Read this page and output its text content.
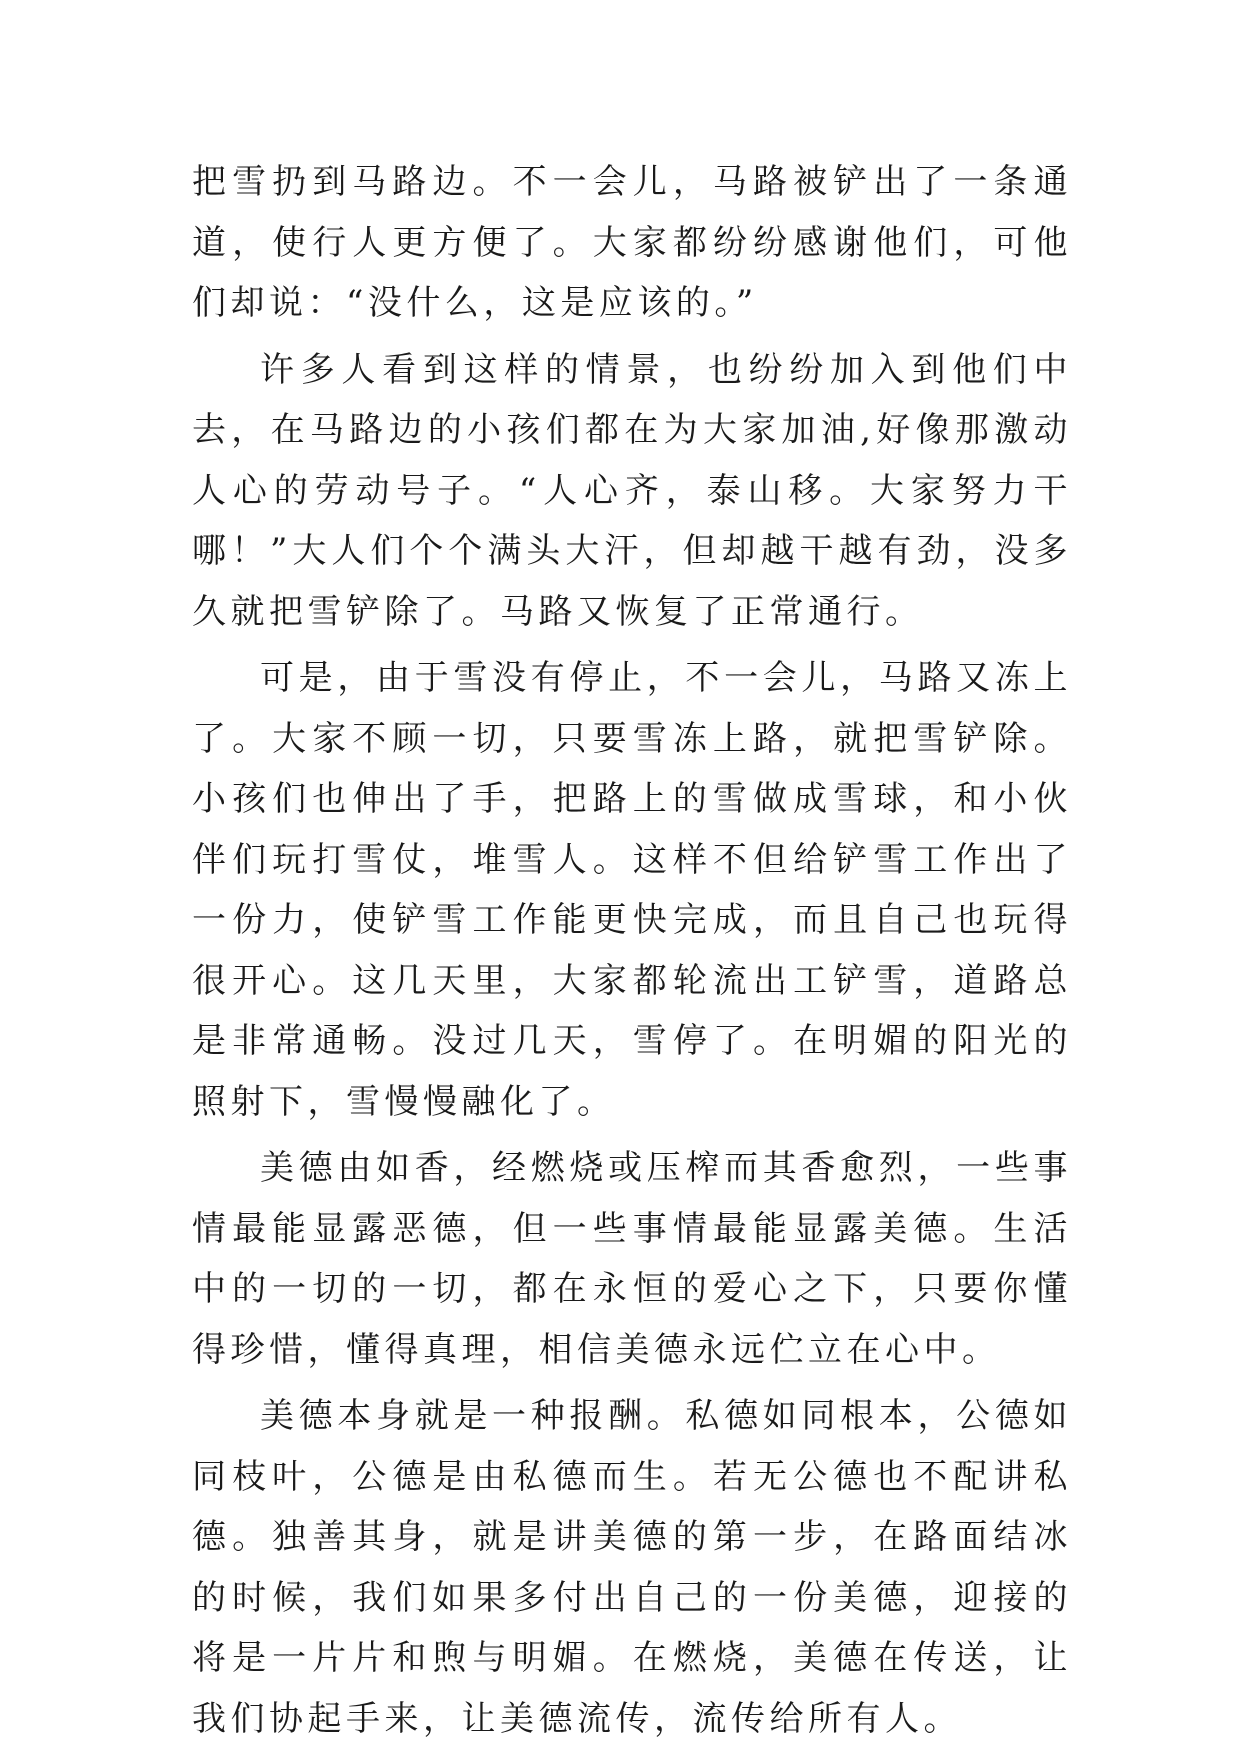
把雪扔到马路边。不一会儿，马路被铲出了一条通道，使行人更方便了。大家都纷纷感谢他们，可他们却说：“没什么，这是应该的。”

许多人看到这样的情景，也纷纷加入到他们中去，在马路边的小孩们都在为大家加油,好像那激动人心的劳动号子。“人心齐，泰山移。大家努力干哪！”大人们个个满头大汗，但却越干越有劲，没多久就把雪铲除了。马路又恢复了正常通行。

可是，由于雪没有停止，不一会儿，马路又冻上了。大家不顾一切，只要雪冻上路，就把雪铲除。小孩们也伸出了手，把路上的雪做成雪球，和小伙伴们玩打雪仗，堆雪人。这样不但给铲雪工作出了一份力，使铲雪工作能更快完成，而且自己也玩得很开心。这几天里，大家都轮流出工铲雪，道路总是非常通畅。没过几天，雪停了。在明媚的阳光的照射下，雪慢慢融化了。

美德由如香，经燃烧或压榨而其香愈烈，一些事情最能显露恶德，但一些事情最能显露美德。生活中的一切的一切，都在永恒的爱心之下，只要你懂得珍惜，懂得真理，相信美德永远伫立在心中。

美德本身就是一种报酬。私德如同根本，公德如同枝叶，公德是由私德而生。若无公德也不配讲私德。独善其身，就是讲美德的第一步，在路面结冰的时候，我们如果多付出自己的一份美德，迎接的将是一片片和煦与明媚。在燃烧，美德在传送，让我们协起手来，让美德流传，流传给所有人。
